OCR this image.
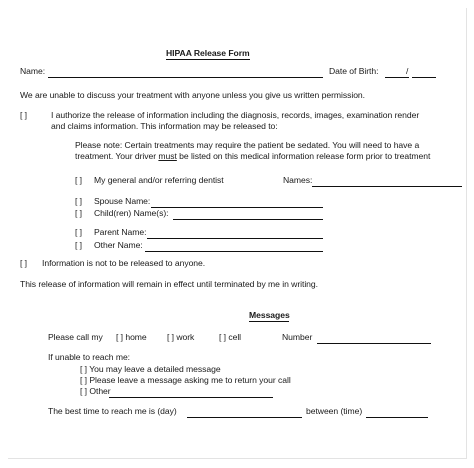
HIPAA Release Form
Name:	Date of Birth:	/
We are unable to discuss your treatment with anyone unless you give us written permission.
[ ]	I authorize the release of information including the diagnosis, records, images, examination render
and claims information. This information may be released to:
Please note: Certain treatments may require the patient be sedated. You will need to have a
treatment. Your driver must be listed on this medical information release form prior to treatment
[ ] My general and/or referring dentist	Names:
[ ] Spouse Name:
[ ] Child(ren) Name(s):
[ ] Parent Name:
[ ] Other Name:
[ ] Information is not to be released to anyone.
This release of information will remain in effect until terminated by me in writing.
Messages
Please call my [ ] home [ ] work	[ ] cell	Number
If unable to reach me:
[ ] You may leave a detailed message
[ ] Please leave a message asking me to return your call
[ ] Other
The best time to reach me is (day)	between (time)
